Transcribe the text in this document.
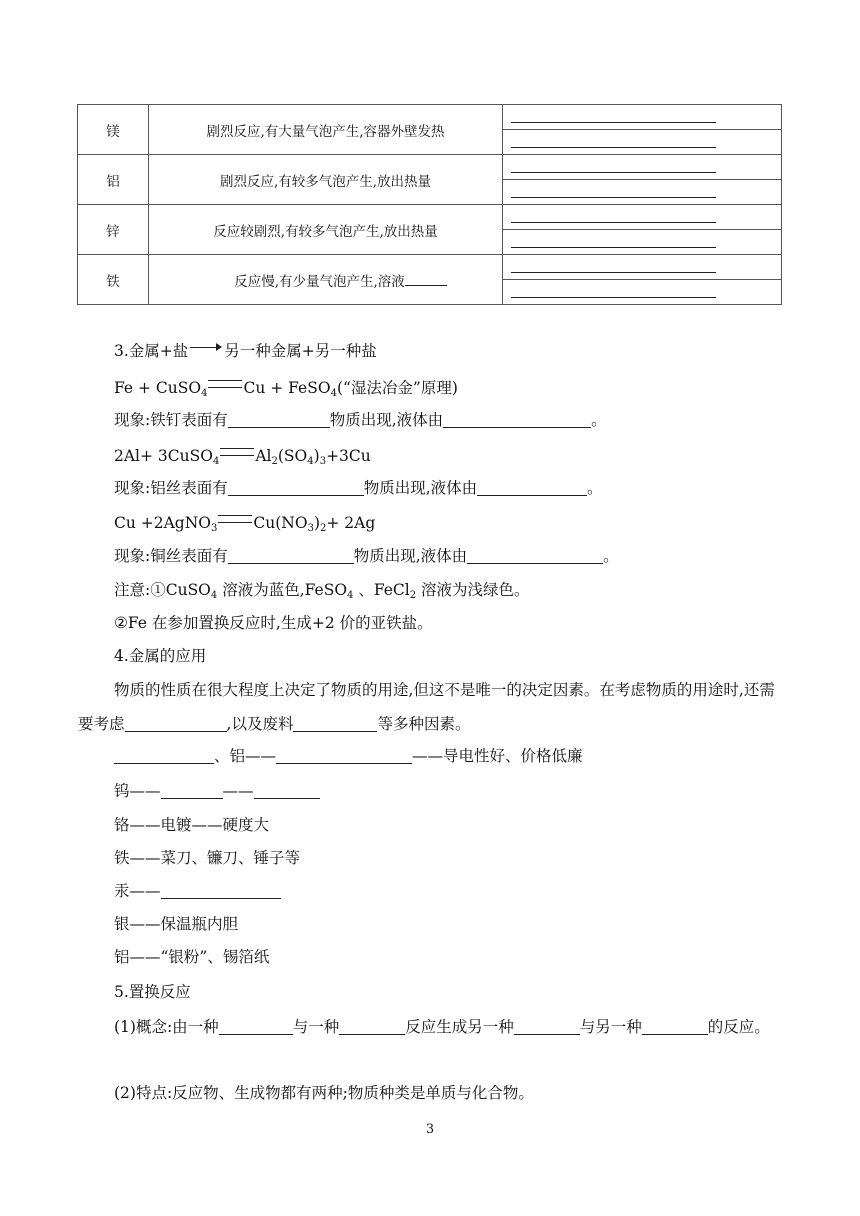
镁	剧烈反应,有大量气泡产生,容器外壁发热	

铝	剧烈反应,有较多气泡产生,放出热量	

锌	反应较剧烈,有较多气泡产生,放出热量	

铁	反应慢,有少量气泡产生,溶液	

3.金属+盐 另一种金属+另一种盐
Fe + CuSO$_4$ Cu + FeSO$_4$(“湿法冶金”原理)
现象:铁钉表面有	物质出现,液体由	。
2Al+ 3CuSO$_4$ $Al_2(SO_4)_3+3Cu$
现象:铝丝表面有	物质出现,液体由	。
Cu +2AgNO$_3$ $Cu(NO_3)_2+ 2Ag$
现象:铜丝表面有	物质出现,液体由	。
注意:①CuSO$_4$ 溶液为蓝色,FeSO$_4$ 、FeCl$_2$ 溶液为浅绿色。
②Fe 在参加置换反应时,生成+2 价的亚铁盐。
4.金属的应用
物质的性质在很大程度上决定了物质的用途,但这不是唯一的决定因素。在考虑物质的用途时,还需要考虑	,以及废料	等多种因素。
、铝——	——导电性好、价格低廉
钨——	——
铬——电镀——硬度大
铁——菜刀、镰刀、锤子等
汞——
银——保温瓶内胆
铝——“银粉”、锡箔纸
5.置换反应
(1)概念:由一种	与一种	反应生成另一种	与另一种	的反应。
(2)特点:反应物、生成物都有两种;物质种类是单质与化合物。
3
